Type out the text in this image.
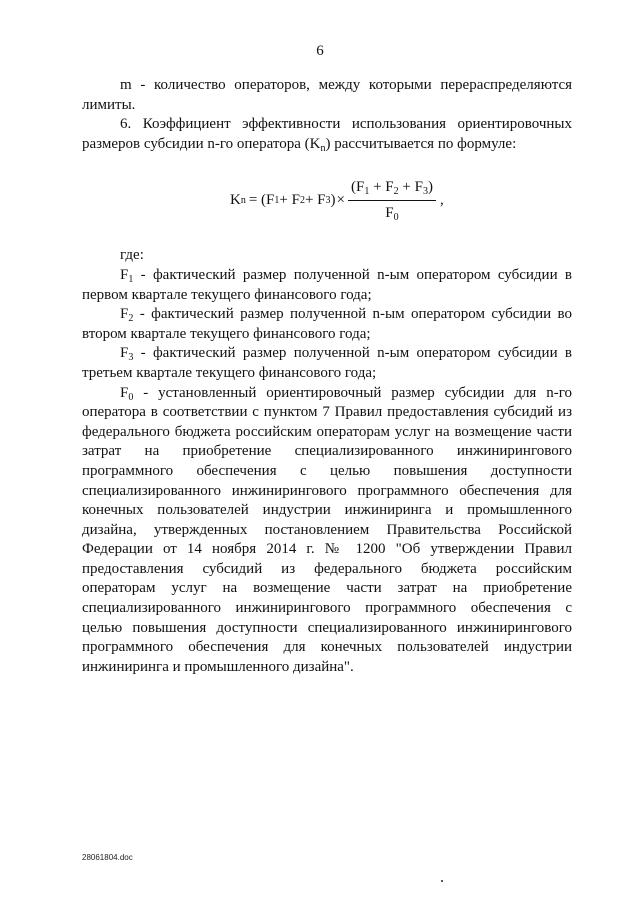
6

m - количество операторов, между которыми перераспределяются лимиты.

6. Коэффициент эффективности использования ориентировочных размеров субсидии n-го оператора $(K_n)$ рассчитывается по формуле:

K n = (F 1 + F 2 + F 3 ) × $\frac{(F_1 + F_2 + F_3)}{F_0}$ ,

где:

$F_1$ - фактический размер полученной n-ым оператором субсидии в первом квартале текущего финансового года;

$F_2$ - фактический размер полученной n-ым оператором субсидии во втором квартале текущего финансового года;

$F_3$ - фактический размер полученной n-ым оператором субсидии в третьем квартале текущего финансового года;

$F_0$ - установленный ориентировочный размер субсидии для n-го оператора в соответствии с пунктом 7 Правил предоставления субсидий из федерального бюджета российским операторам услуг на возмещение части затрат на приобретение специализированного инжинирингового программного обеспечения с целью повышения доступности специализированного инжинирингового программного обеспечения для конечных пользователей индустрии инжиниринга и промышленного дизайна, утвержденных постановлением Правительства Российской Федерации от 14 ноября 2014 г. № 1200 "Об утверждении Правил предоставления субсидий из федерального бюджета российским операторам услуг на возмещение части затрат на приобретение специализированного инжинирингового программного обеспечения с целью повышения доступности специализированного инжинирингового программного обеспечения для конечных пользователей индустрии инжиниринга и промышленного дизайна".

28061804.doc
